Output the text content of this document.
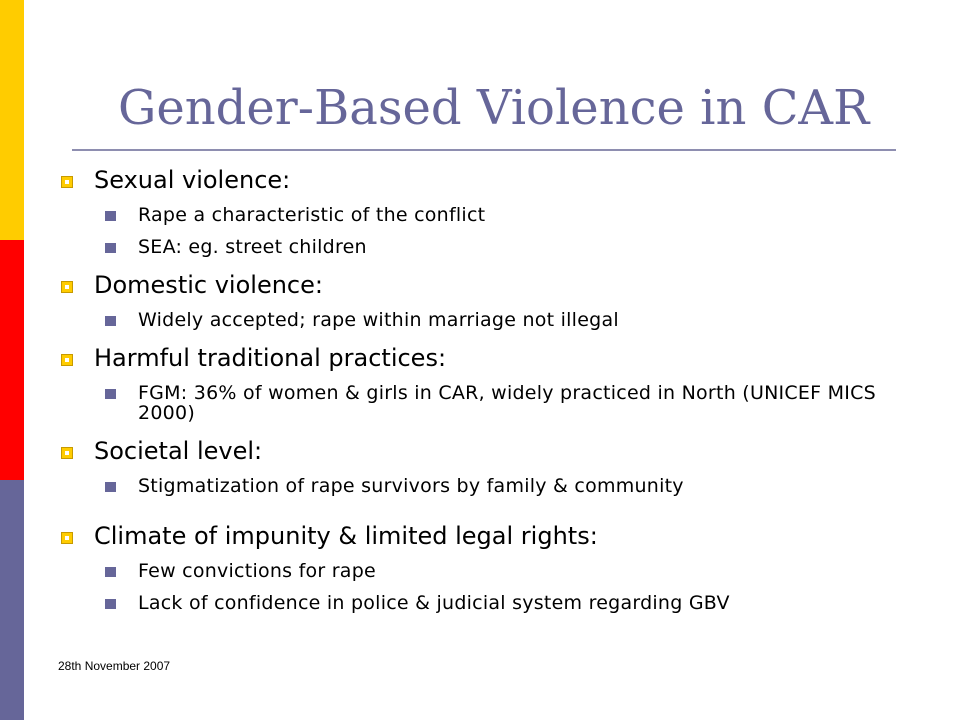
Gender-Based Violence in CAR
Sexual violence:
Rape a characteristic of the conflict
SEA: eg. street children
Domestic violence:
Widely accepted; rape within marriage not illegal
Harmful traditional practices:
FGM: 36% of women & girls in CAR, widely practiced in North (UNICEF MICS 2000)
Societal level:
Stigmatization of rape survivors by family & community
Climate of impunity & limited legal rights:
Few convictions for rape
Lack of confidence in police & judicial system regarding GBV
28th November 2007
